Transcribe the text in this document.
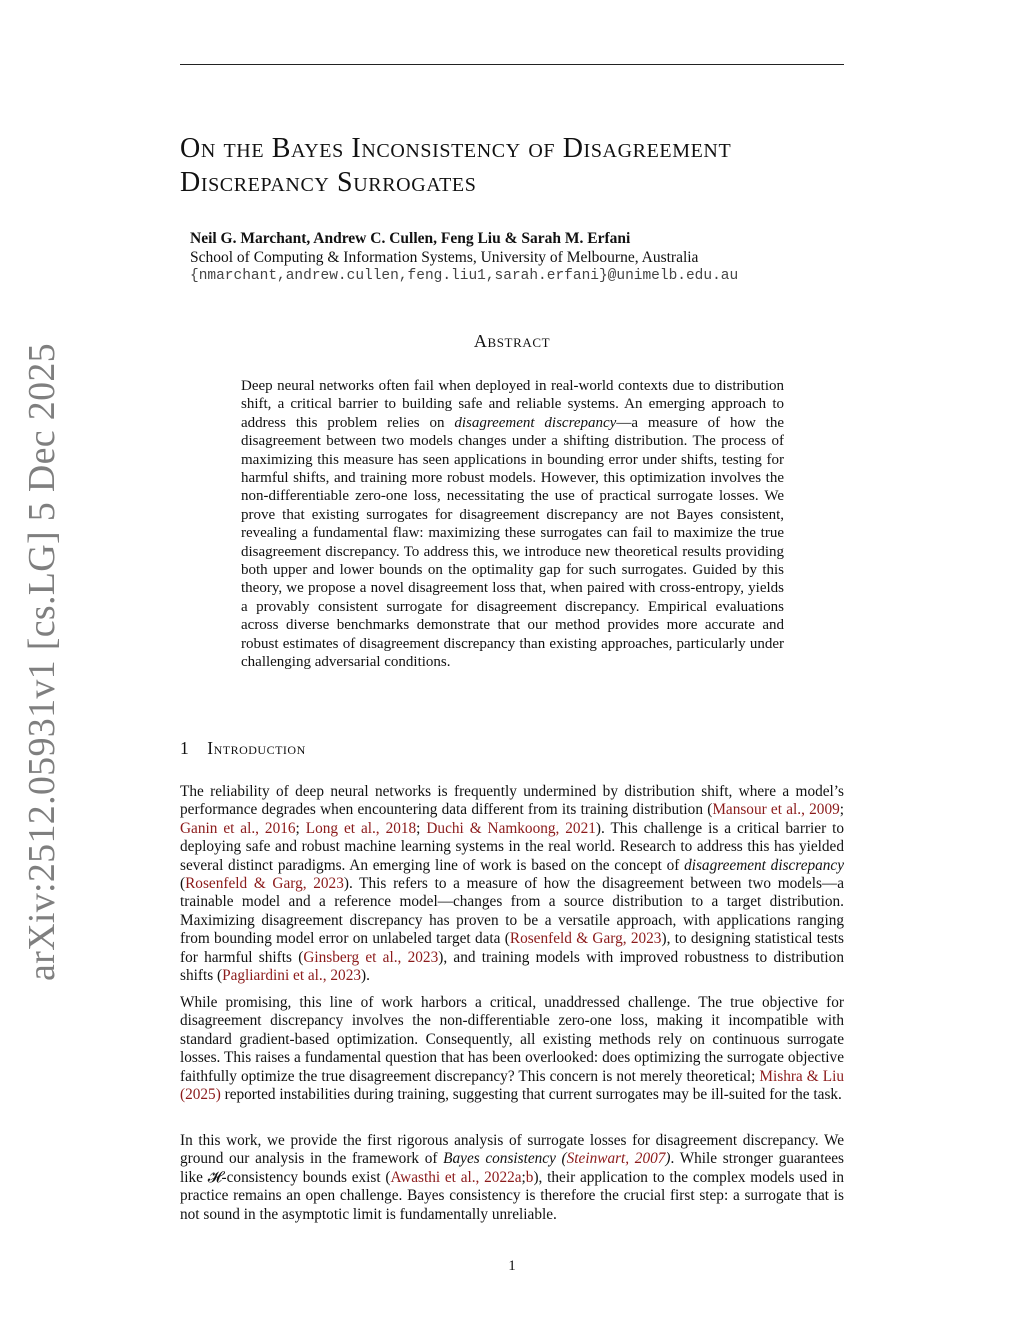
arXiv:2512.05931v1 [cs.LG] 5 Dec 2025
On the Bayes Inconsistency of Disagreement
Discrepancy Surrogates
Neil G. Marchant, Andrew C. Cullen, Feng Liu & Sarah M. Erfani
School of Computing & Information Systems, University of Melbourne, Australia
{nmarchant,andrew.cullen,feng.liu1,sarah.erfani}@unimelb.edu.au
Abstract

Deep neural networks often fail when deployed in real-world contexts due to distribution shift, a critical barrier to building safe and reliable systems. An emerging approach to address this problem relies on disagreement discrepancy—a measure of how the disagreement between two models changes under a shifting distribution. The process of maximizing this measure has seen applications in bounding error under shifts, testing for harmful shifts, and training more robust models. However, this optimization involves the non-differentiable zero-one loss, necessitating the use of practical surrogate losses. We prove that existing surrogates for disagreement discrepancy are not Bayes consistent, revealing a fundamental flaw: maximizing these surrogates can fail to maximize the true disagreement discrepancy. To address this, we introduce new theoretical results providing both upper and lower bounds on the optimality gap for such surrogates. Guided by this theory, we propose a novel disagreement loss that, when paired with cross-entropy, yields a provably consistent surrogate for disagreement discrepancy. Empirical evaluations across diverse benchmarks demonstrate that our method provides more accurate and robust estimates of disagreement discrepancy than existing approaches, particularly under challenging adversarial conditions.

1 Introduction

The reliability of deep neural networks is frequently undermined by distribution shift, where a model’s performance degrades when encountering data different from its training distribution (Mansour et al., 2009; Ganin et al., 2016; Long et al., 2018; Duchi & Namkoong, 2021). This challenge is a critical barrier to deploying safe and robust machine learning systems in the real world. Research to address this has yielded several distinct paradigms. An emerging line of work is based on the concept of disagreement discrepancy (Rosenfeld & Garg, 2023). This refers to a measure of how the disagreement between two models—a trainable model and a reference model—changes from a source distribution to a target distribution. Maximizing disagreement discrepancy has proven to be a versatile approach, with applications ranging from bounding model error on unlabeled target data (Rosenfeld & Garg, 2023), to designing statistical tests for harmful shifts (Ginsberg et al., 2023), and training models with improved robustness to distribution shifts (Pagliardini et al., 2023).

While promising, this line of work harbors a critical, unaddressed challenge. The true objective for disagreement discrepancy involves the non-differentiable zero-one loss, making it incompatible with standard gradient-based optimization. Consequently, all existing methods rely on continuous surrogate losses. This raises a fundamental question that has been overlooked: does optimizing the surrogate objective faithfully optimize the true disagreement discrepancy? This concern is not merely theoretical; Mishra & Liu (2025) reported instabilities during training, suggesting that current surrogates may be ill-suited for the task.

In this work, we provide the first rigorous analysis of surrogate losses for disagreement discrepancy. We ground our analysis in the framework of Bayes consistency (Steinwart, 2007). While stronger guarantees like 𝓗-consistency bounds exist (Awasthi et al., 2022a;b), their application to the complex models used in practice remains an open challenge. Bayes consistency is therefore the crucial first step: a surrogate that is not sound in the asymptotic limit is fundamentally unreliable.

1
